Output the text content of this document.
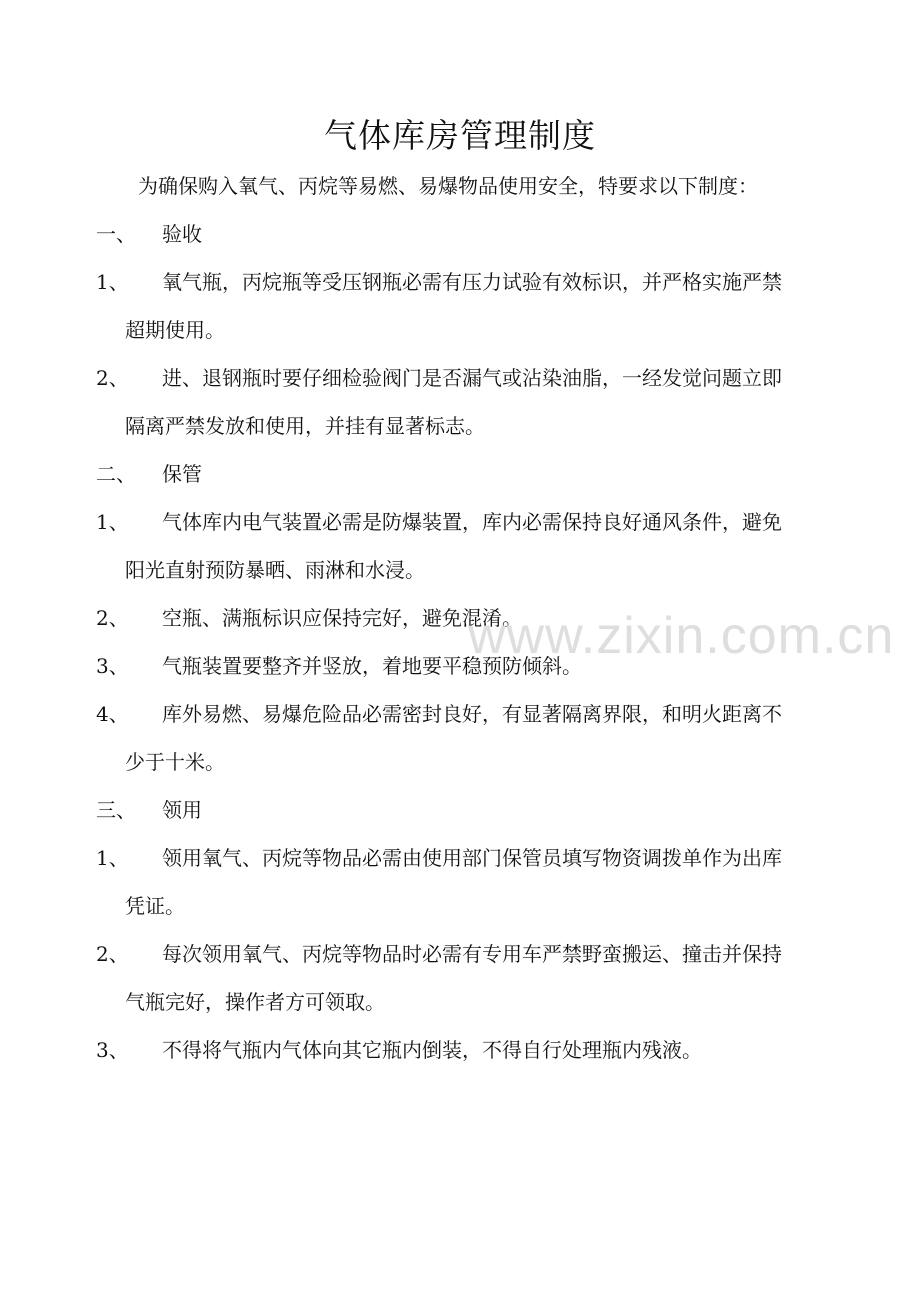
气体库房管理制度
为确保购入氧气、丙烷等易燃、易爆物品使用安全，特要求以下制度：
一、 验收
1、 氧气瓶，丙烷瓶等受压钢瓶必需有压力试验有效标识，并严格实施严禁
超期使用。
2、 进、退钢瓶时要仔细检验阀门是否漏气或沾染油脂，一经发觉问题立即
隔离严禁发放和使用，并挂有显著标志。
二、 保管
1、 气体库内电气装置必需是防爆装置，库内必需保持良好通风条件，避免
阳光直射预防暴晒、雨淋和水浸。
2、 空瓶、满瓶标识应保持完好，避免混淆。
3、 气瓶装置要整齐并竖放，着地要平稳预防倾斜。
4、 库外易燃、易爆危险品必需密封良好，有显著隔离界限，和明火距离不
少于十米。
三、 领用
1、 领用氧气、丙烷等物品必需由使用部门保管员填写物资调拨单作为出库
凭证。
2、 每次领用氧气、丙烷等物品时必需有专用车严禁野蛮搬运、撞击并保持
气瓶完好，操作者方可领取。
3、 不得将气瓶内气体向其它瓶内倒装，不得自行处理瓶内残液。
www.zixin.com.cn
